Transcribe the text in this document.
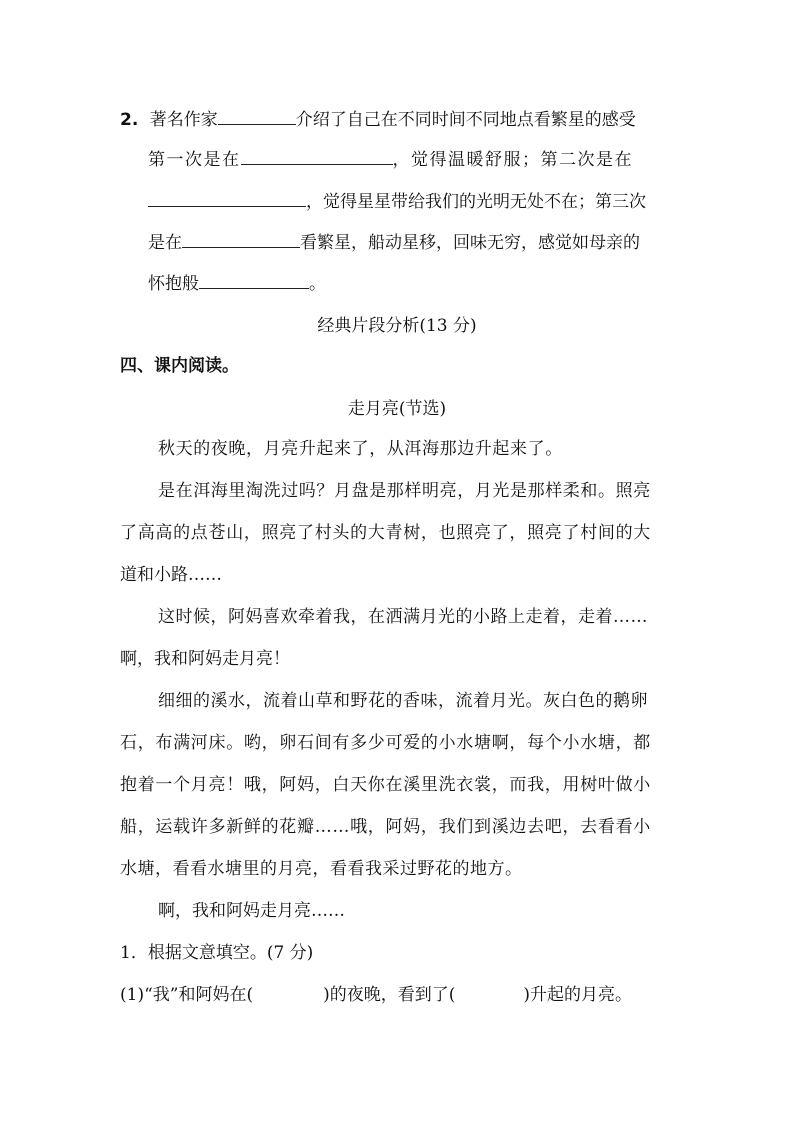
2. 著名作家	介绍了自己在不同时间不同地点看繁星的感受
第一次是在	，觉得温暖舒服；第二次是在
，觉得星星带给我们的光明无处不在；第三次
是在	看繁星，船动星移，回味无穷，感觉如母亲的
怀抱般	。
经典片段分析(13 分)
四、课内阅读。
走月亮(节选)
秋天的夜晚，月亮升起来了，从洱海那边升起来了。
是在洱海里淘洗过吗？月盘是那样明亮，月光是那样柔和。照亮
了高高的点苍山，照亮了村头的大青树，也照亮了，照亮了村间的大
道和小路……
这时候，阿妈喜欢牵着我，在洒满月光的小路上走着，走着……
啊，我和阿妈走月亮！
细细的溪水，流着山草和野花的香味，流着月光。灰白色的鹅卵
石，布满河床。哟，卵石间有多少可爱的小水塘啊，每个小水塘，都
抱着一个月亮！哦，阿妈，白天你在溪里洗衣裳，而我，用树叶做小
船，运载许多新鲜的花瓣……哦，阿妈，我们到溪边去吧，去看看小
水塘，看看水塘里的月亮，看看我采过野花的地方。
啊，我和阿妈走月亮……
1．根据文意填空。(7 分)
(1)“我”和阿妈在(	)的夜晚，看到了(	)升起的月亮。
